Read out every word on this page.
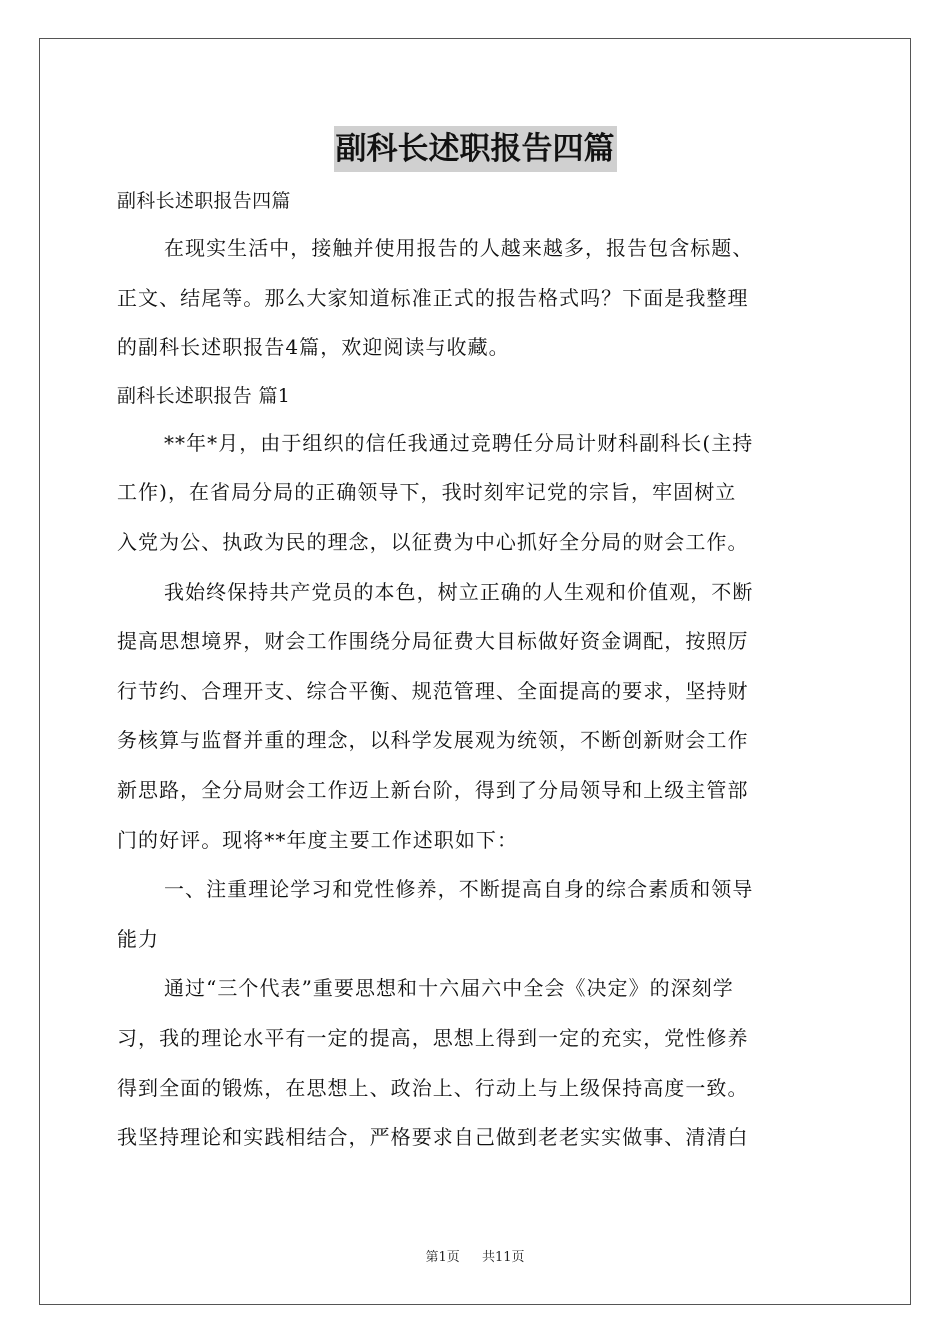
副科长述职报告四篇
副科长述职报告四篇
在现实生活中，接触并使用报告的人越来越多，报告包含标题、
正文、结尾等。那么大家知道标准正式的报告格式吗？下面是我整理
的副科长述职报告4篇，欢迎阅读与收藏。
副科长述职报告 篇1
**年*月，由于组织的信任我通过竞聘任分局计财科副科长(主持
工作)，在省局分局的正确领导下，我时刻牢记党的宗旨，牢固树立
入党为公、执政为民的理念，以征费为中心抓好全分局的财会工作。
我始终保持共产党员的本色，树立正确的人生观和价值观，不断
提高思想境界，财会工作围绕分局征费大目标做好资金调配，按照厉
行节约、合理开支、综合平衡、规范管理、全面提高的要求，坚持财
务核算与监督并重的理念，以科学发展观为统领，不断创新财会工作
新思路，全分局财会工作迈上新台阶，得到了分局领导和上级主管部
门的好评。现将**年度主要工作述职如下：
一、注重理论学习和党性修养，不断提高自身的综合素质和领导
能力
通过“三个代表”重要思想和十六届六中全会《决定》的深刻学
习，我的理论水平有一定的提高，思想上得到一定的充实，党性修养
得到全面的锻炼，在思想上、政治上、行动上与上级保持高度一致。
我坚持理论和实践相结合，严格要求自己做到老老实实做事、清清白
第1页 共11页
